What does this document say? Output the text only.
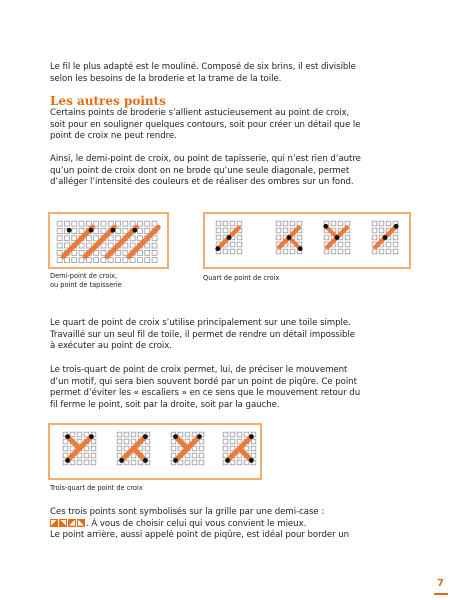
Le fil le plus adapté est le mouliné. Composé de six brins, il est divisible
selon les besoins de la broderie et la trame de la toile.

Les autres points

Certains points de broderie s’allient astucieusement au point de croix,
soit pour en souligner quelques contours, soit pour créer un détail que le
point de croix ne peut rendre.

Ainsi, le demi-point de croix, ou point de tapisserie, qui n’est rien d’autre
qu’un point de croix dont on ne brode qu’une seule diagonale, permet
d’alléger l’intensité des couleurs et de réaliser des ombres sur un fond.

Demi-point de croix,
ou point de tapisserie
Quart de point de croix

Le quart de point de croix s’utilise principalement sur une toile simple.
Travaillé sur un seul fil de toile, il permet de rendre un détail impossible
à exécuter au point de croix.

Le trois-quart de point de croix permet, lui, de préciser le mouvement
d’un motif, qui sera bien souvent bordé par un point de piqûre. Ce point
permet d’éviter les « escaliers » en ce sens que le mouvement retour du
fil ferme le point, soit par la droite, soit par la gauche.

Trois-quart de point de croix

Ces trois points sont symbolisés sur la grille par une demi-case :
. À vous de choisir celui qui vous convient le mieux.
Le point arrière, aussi appelé point de piqûre, est idéal pour border un

7
